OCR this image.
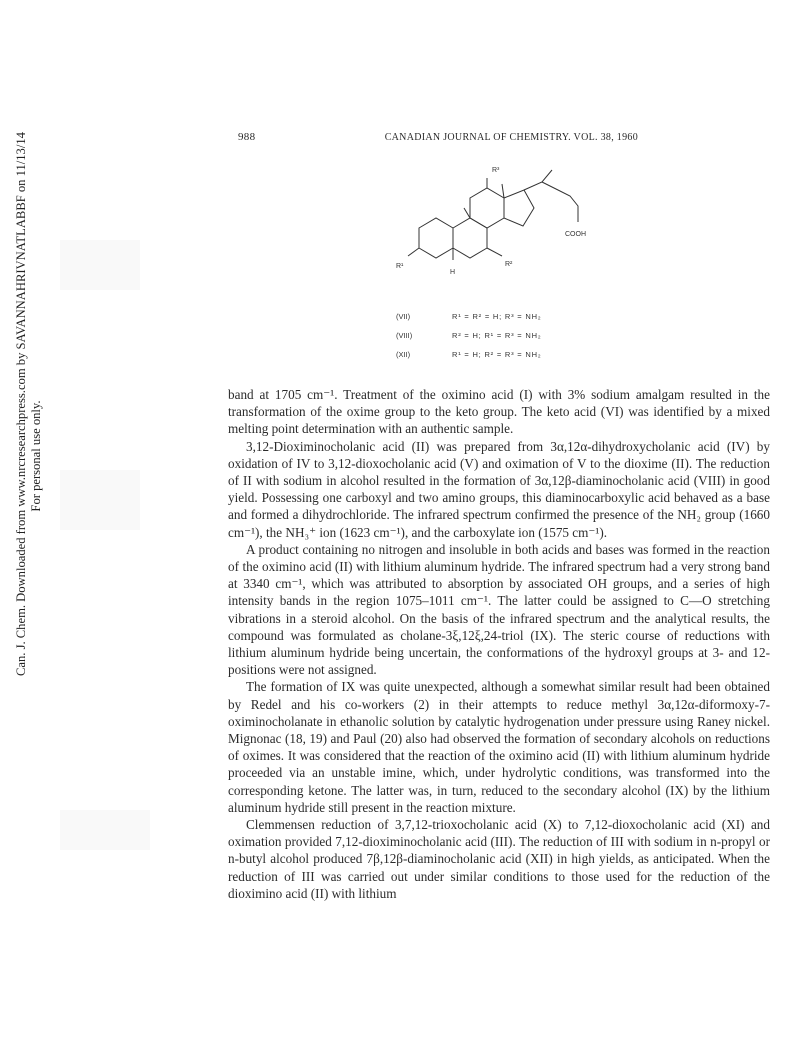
Can. J. Chem. Downloaded from www.nrcresearchpress.com by SAVANNAHRIVNATLABBF on 11/13/14 For personal use only.
988	CANADIAN JOURNAL OF CHEMISTRY. VOL. 38, 1960
R³
R¹	R²
H
COOH
(VII)	R¹ = R² = H; R³ = NH₂
(VIII)	R² = H; R¹ = R³ = NH₂
(XII)	R¹ = H; R² = R³ = NH₂

band at 1705 cm⁻¹. Treatment of the oximino acid (I) with 3% sodium amalgam resulted in the transformation of the oxime group to the keto group. The keto acid (VI) was identified by a mixed melting point determination with an authentic sample.

3,12-Dioximinocholanic acid (II) was prepared from 3α,12α-dihydroxycholanic acid (IV) by oxidation of IV to 3,12-dioxocholanic acid (V) and oximation of V to the dioxime (II). The reduction of II with sodium in alcohol resulted in the formation of 3α,12β-diaminocholanic acid (VIII) in good yield. Possessing one carboxyl and two amino groups, this diaminocarboxylic acid behaved as a base and formed a dihydrochloride. The infrared spectrum confirmed the presence of the NH₂ group (1660 cm⁻¹), the NH₃⁺ ion (1623 cm⁻¹), and the carboxylate ion (1575 cm⁻¹).

A product containing no nitrogen and insoluble in both acids and bases was formed in the reaction of the oximino acid (II) with lithium aluminum hydride. The infrared spectrum had a very strong band at 3340 cm⁻¹, which was attributed to absorption by associated OH groups, and a series of high intensity bands in the region 1075–1011 cm⁻¹. The latter could be assigned to C—O stretching vibrations in a steroid alcohol. On the basis of the infrared spectrum and the analytical results, the compound was formulated as cholane-3ξ,12ξ,24-triol (IX). The steric course of reductions with lithium aluminum hydride being uncertain, the conformations of the hydroxyl groups at 3- and 12-positions were not assigned.

The formation of IX was quite unexpected, although a somewhat similar result had been obtained by Redel and his co-workers (2) in their attempts to reduce methyl 3α,12α-diformoxy-7-oximinocholanate in ethanolic solution by catalytic hydrogenation under pressure using Raney nickel. Mignonac (18, 19) and Paul (20) also had observed the formation of secondary alcohols on reductions of oximes. It was considered that the reaction of the oximino acid (II) with lithium aluminum hydride proceeded via an unstable imine, which, under hydrolytic conditions, was transformed into the corresponding ketone. The latter was, in turn, reduced to the secondary alcohol (IX) by the lithium aluminum hydride still present in the reaction mixture.

Clemmensen reduction of 3,7,12-trioxocholanic acid (X) to 7,12-dioxocholanic acid (XI) and oximation provided 7,12-dioximinocholanic acid (III). The reduction of III with sodium in n-propyl or n-butyl alcohol produced 7β,12β-diaminocholanic acid (XII) in high yields, as anticipated. When the reduction of III was carried out under similar conditions to those used for the reduction of the dioximino acid (II) with lithium
